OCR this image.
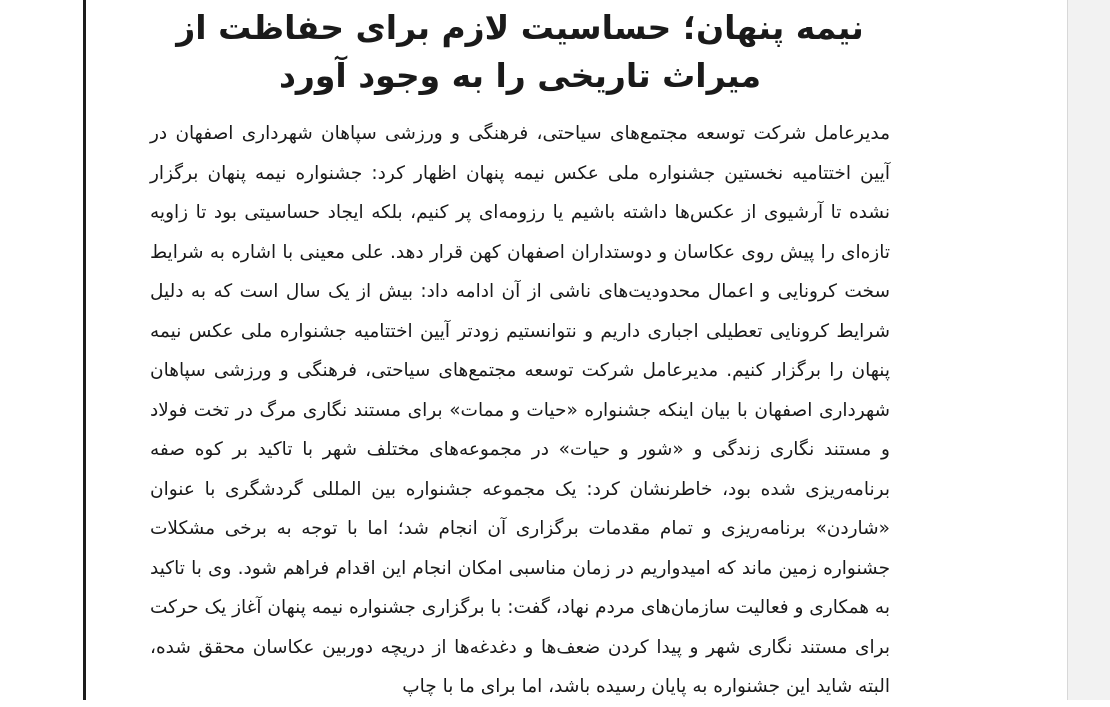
نیمه پنهان؛ حساسیت لازم برای حفاظت از میراث تاریخی را به وجود آورد

مدیرعامل شرکت توسعه مجتمع‌های سیاحتی، فرهنگی و ورزشی سپاهان شهرداری اصفهان در آیین اختتامیه نخستین جشنواره ملی عکس نیمه پنهان اظهار کرد: جشنواره نیمه پنهان برگزار نشده تا آرشیوی از عکس‌ها داشته باشیم یا رزومه‌ای پر کنیم، بلکه ایجاد حساسیتی بود تا زاویه تازه‌ای را پیش روی عکاسان و دوستداران اصفهان کهن قرار دهد. علی معینی با اشاره به شرایط سخت کرونایی و اعمال محدودیت‌های ناشی از آن ادامه داد: بیش از یک سال است که به دلیل شرایط کرونایی تعطیلی اجباری داریم و نتوانستیم زودتر آیین اختتامیه جشنواره ملی عکس نیمه پنهان را برگزار کنیم. مدیرعامل شرکت توسعه مجتمع‌های سیاحتی، فرهنگی و ورزشی سپاهان شهرداری اصفهان با بیان اینکه جشنواره «حیات و ممات» برای مستند نگاری مرگ در تخت فولاد و مستند نگاری زندگی و «شور و حیات» در مجموعه‌های مختلف شهر با تاکید بر کوه صفه برنامه‌ریزی شده بود، خاطرنشان کرد: یک مجموعه جشنواره بین المللی گردشگری با عنوان «شاردن» برنامه‌ریزی و تمام مقدمات برگزاری آن انجام شد؛ اما با توجه به برخی مشکلات جشنواره زمین ماند که امیدواریم در زمان مناسبی امکان انجام این اقدام فراهم شود. وی با تاکید به همکاری و فعالیت سازمان‌های مردم نهاد، گفت: با برگزاری جشنواره نیمه پنهان آغاز یک حرکت برای مستند نگاری شهر و پیدا کردن ضعف‌ها و دغدغه‌ها از دریچه دوربین عکاسان محقق شده، البته شاید این جشنواره به پایان رسیده باشد، اما برای ما با چاپ
